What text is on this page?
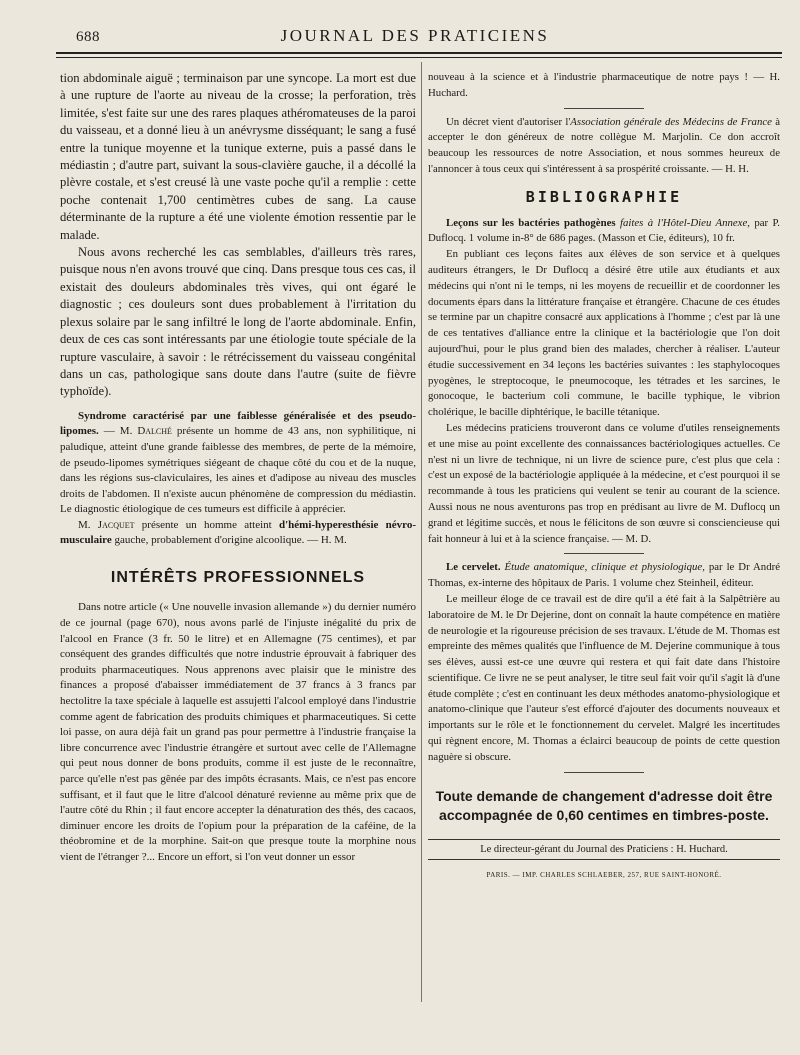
688	JOURNAL DES PRATICIENS

tion abdominale aiguë ; terminaison par une syncope. La mort est due à une rupture de l'aorte au niveau de la crosse; la perforation, très limitée, s'est faite sur une des rares plaques athéromateuses de la paroi du vaisseau, et a donné lieu à un anévrysme disséquant; le sang a fusé entre la tunique moyenne et la tunique externe, puis a passé dans le médiastin ; d'autre part, suivant la sous-clavière gauche, il a décollé la plèvre costale, et s'est creusé là une vaste poche qu'il a remplie : cette poche contenait 1,700 centimètres cubes de sang. La cause déterminante de la rupture a été une violente émotion ressentie par le malade.

Nous avons recherché les cas semblables, d'ailleurs très rares, puisque nous n'en avons trouvé que cinq. Dans presque tous ces cas, il existait des douleurs abdominales très vives, qui ont égaré le diagnostic ; ces douleurs sont dues probablement à l'irritation du plexus solaire par le sang infiltré le long de l'aorte abdominale. Enfin, deux de ces cas sont intéressants par une étiologie toute spéciale de la rupture vasculaire, à savoir : le rétrécissement du vaisseau congénital dans un cas, pathologique sans doute dans l'autre (suite de fièvre typhoïde).

Syndrome caractérisé par une faiblesse généralisée et des pseudo-lipomes. — M. Dalché présente un homme de 43 ans, non syphilitique, ni paludique, atteint d'une grande faiblesse des membres, de perte de la mémoire, de pseudo-lipomes symétriques siégeant de chaque côté du cou et de la nuque, dans les régions sus-claviculaires, les aines et d'adipose au niveau des muscles droits de l'abdomen. Il n'existe aucun phénomène de compression du médiastin. Le diagnostic étiologique de ces tumeurs est difficile à apprécier.

M. Jacquet présente un homme atteint d'hémi-hyperesthésie névro-musculaire gauche, probablement d'origine alcoolique. — H. M.

INTÉRÊTS PROFESSIONNELS

Dans notre article (« Une nouvelle invasion allemande ») du dernier numéro de ce journal (page 670), nous avons parlé de l'injuste inégalité du prix de l'alcool en France (3 fr. 50 le litre) et en Allemagne (75 centimes), et par conséquent des grandes difficultés que notre industrie éprouvait à fabriquer des produits pharmaceutiques. Nous apprenons avec plaisir que le ministre des finances a proposé d'abaisser immédiatement de 37 francs à 3 francs par hectolitre la taxe spéciale à laquelle est assujetti l'alcool employé dans l'industrie comme agent de fabrication des produits chimiques et pharmaceutiques. Si cette loi passe, on aura déjà fait un grand pas pour permettre à l'industrie française la libre concurrence avec l'industrie étrangère et surtout avec celle de l'Allemagne qui peut nous donner de bons produits, comme il est juste de le reconnaître, parce qu'elle n'est pas gênée par des impôts écrasants. Mais, ce n'est pas encore suffisant, et il faut que le litre d'alcool dénaturé revienne au même prix que de l'autre côté du Rhin ; il faut encore accepter la dénaturation des thés, des cacaos, diminuer encore les droits de l'opium pour la préparation de la caféine, de la théobromine et de la morphine. Sait-on que presque toute la morphine nous vient de l'étranger ?... Encore un effort, si l'on veut donner un essor

nouveau à la science et à l'industrie pharmaceutique de notre pays ! — H. Huchard.

Un décret vient d'autoriser l'Association générale des Médecins de France à accepter le don généreux de notre collègue M. Marjolin. Ce don accroît beaucoup les ressources de notre Association, et nous sommes heureux de l'annoncer à tous ceux qui s'intéressent à sa prospérité croissante. — H. H.

BIBLIOGRAPHIE

Leçons sur les bactéries pathogènes faites à l'Hôtel-Dieu Annexe, par P. Duflocq. 1 volume in-8° de 686 pages. (Masson et Cie, éditeurs), 10 fr.

En publiant ces leçons faites aux élèves de son service et à quelques auditeurs étrangers, le Dr Duflocq a désiré être utile aux étudiants et aux médecins qui n'ont ni le temps, ni les moyens de recueillir et de coordonner les documents épars dans la littérature française et étrangère. Chacune de ces études se termine par un chapitre consacré aux applications à l'homme ; c'est par là une de ces tentatives d'alliance entre la clinique et la bactériologie que l'on doit aujourd'hui, pour le plus grand bien des malades, chercher à réaliser. L'auteur étudie successivement en 34 leçons les bactéries suivantes : les staphylocoques pyogènes, le streptocoque, le pneumocoque, les tétrades et les sarcines, le gonocoque, le bacterium coli commune, le bacille typhique, le vibrion cholérique, le bacille diphtérique, le bacille tétanique.

Les médecins praticiens trouveront dans ce volume d'utiles renseignements et une mise au point excellente des connaissances bactériologiques actuelles. Ce n'est ni un livre de technique, ni un livre de science pure, c'est plus que cela : c'est un exposé de la bactériologie appliquée à la médecine, et c'est pourquoi il se recommande à tous les praticiens qui veulent se tenir au courant de la science. Aussi nous ne nous aventurons pas trop en prédisant au livre de M. Duflocq un grand et légitime succès, et nous le félicitons de son œuvre si consciencieuse qui fait honneur à lui et à la science française. — M. D.

Le cervelet. Étude anatomique, clinique et physiologique, par le Dr André Thomas, ex-interne des hôpitaux de Paris. 1 volume chez Steinheil, éditeur.

Le meilleur éloge de ce travail est de dire qu'il a été fait à la Salpêtrière au laboratoire de M. le Dr Dejerine, dont on connaît la haute compétence en matière de neurologie et la rigoureuse précision de ses travaux. L'étude de M. Thomas est empreinte des mêmes qualités que l'influence de M. Dejerine communique à tous ses élèves, aussi est-ce une œuvre qui restera et qui fait date dans l'histoire scientifique. Ce livre ne se peut analyser, le titre seul fait voir qu'il s'agit là d'une étude complète ; c'est en continuant les deux méthodes anatomo-physiologique et anatomo-clinique que l'auteur s'est efforcé d'ajouter des documents nouveaux et importants sur le rôle et le fonctionnement du cervelet. Malgré les incertitudes qui règnent encore, M. Thomas a éclairci beaucoup de points de cette question naguère si obscure.

Toute demande de changement d'adresse doit être accompagnée de 0,60 centimes en timbres-poste.
Le directeur-gérant du Journal des Praticiens : H. Huchard.
PARIS. — IMP. CHARLES SCHLAEBER, 257, RUE SAINT-HONORÉ.
